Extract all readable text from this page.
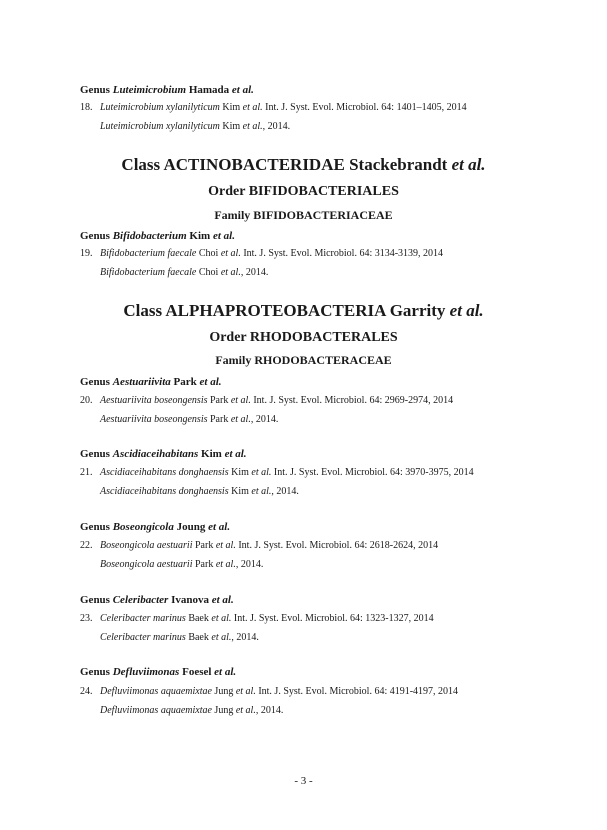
Genus Luteimicrobium Hamada et al.
18. Luteimicrobium xylanilyticum Kim et al. Int. J. Syst. Evol. Microbiol. 64: 1401–1405, 2014
Luteimicrobium xylanilyticum Kim et al., 2014.
Class ACTINOBACTERIDAE Stackebrandt et al.
Order BIFIDOBACTERIALES
Family BIFIDOBACTERIACEAE
Genus Bifidobacterium Kim et al.
19. Bifidobacterium faecale Choi et al. Int. J. Syst. Evol. Microbiol. 64: 3134-3139, 2014
Bifidobacterium faecale Choi et al., 2014.
Class ALPHAPROTEOBACTERIA Garrity et al.
Order RHODOBACTERALES
Family RHODOBACTERACEAE
Genus Aestuariivita Park et al.
20. Aestuariivita boseongensis Park et al. Int. J. Syst. Evol. Microbiol. 64: 2969-2974, 2014
Aestuariivita boseongensis Park et al., 2014.
Genus Ascidiaceihabitans Kim et al.
21. Ascidiaceihabitans donghaensis Kim et al. Int. J. Syst. Evol. Microbiol. 64: 3970-3975, 2014
Ascidiaceihabitans donghaensis Kim et al., 2014.
Genus Boseongicola Joung et al.
22. Boseongicola aestuarii Park et al. Int. J. Syst. Evol. Microbiol. 64: 2618-2624, 2014
Boseongicola aestuarii Park et al., 2014.
Genus Celeribacter Ivanova et al.
23. Celeribacter marinus Baek et al. Int. J. Syst. Evol. Microbiol. 64: 1323-1327, 2014
Celeribacter marinus Baek et al., 2014.
Genus Defluviimonas Foesel et al.
24. Defluviimonas aquaemixtae Jung et al. Int. J. Syst. Evol. Microbiol. 64: 4191-4197, 2014
Defluviimonas aquaemixtae Jung et al., 2014.
- 3 -
